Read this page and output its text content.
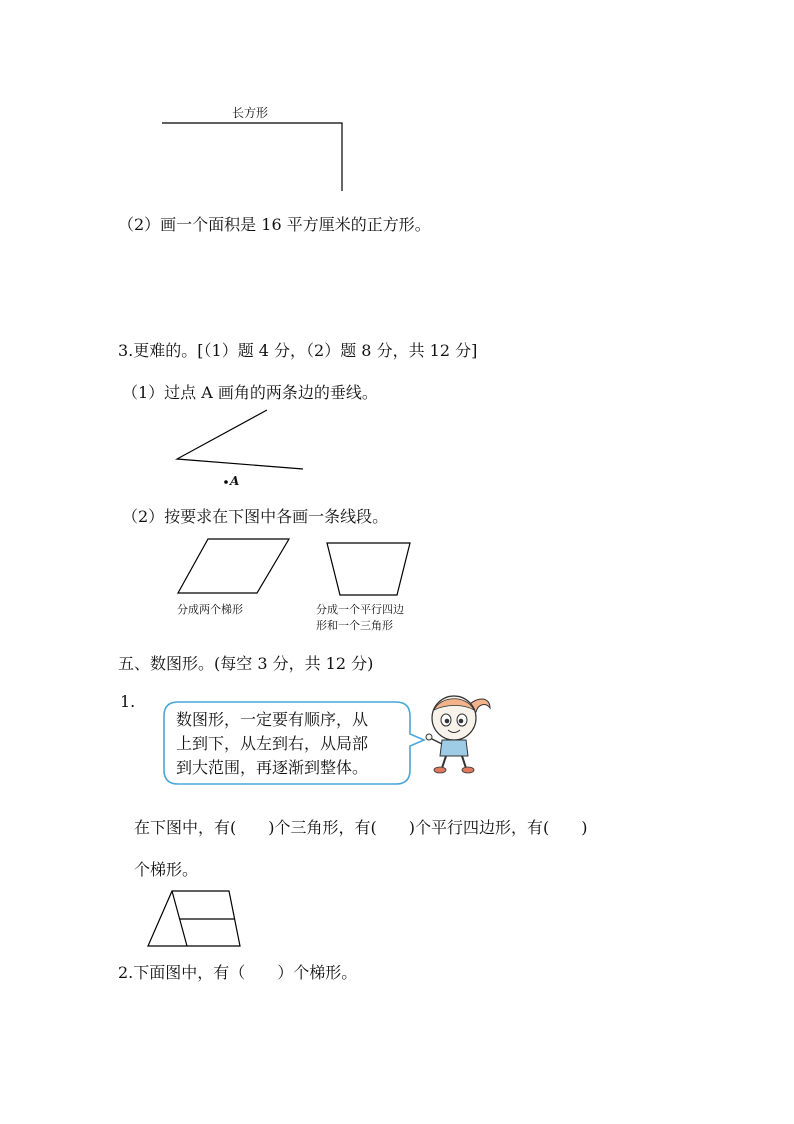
长方形
（2）画一个面积是 16 平方厘米的正方形。
3.更难的。[（1）题 4 分，（2）题 8 分，共 12 分]
（1）过点 A 画角的两条边的垂线。
A
（2）按要求在下图中各画一条线段。
分成两个梯形	分成一个平行四边
形和一个三角形
五、数图形。(每空 3 分，共 12 分)
1.
数图形，一定要有顺序，从
上到下，从左到右，从局部
到大范围，再逐渐到整体。
在下图中，有(　　)个三角形，有(　　)个平行四边形，有(　　)
个梯形。
2.下面图中，有（　　）个梯形。
